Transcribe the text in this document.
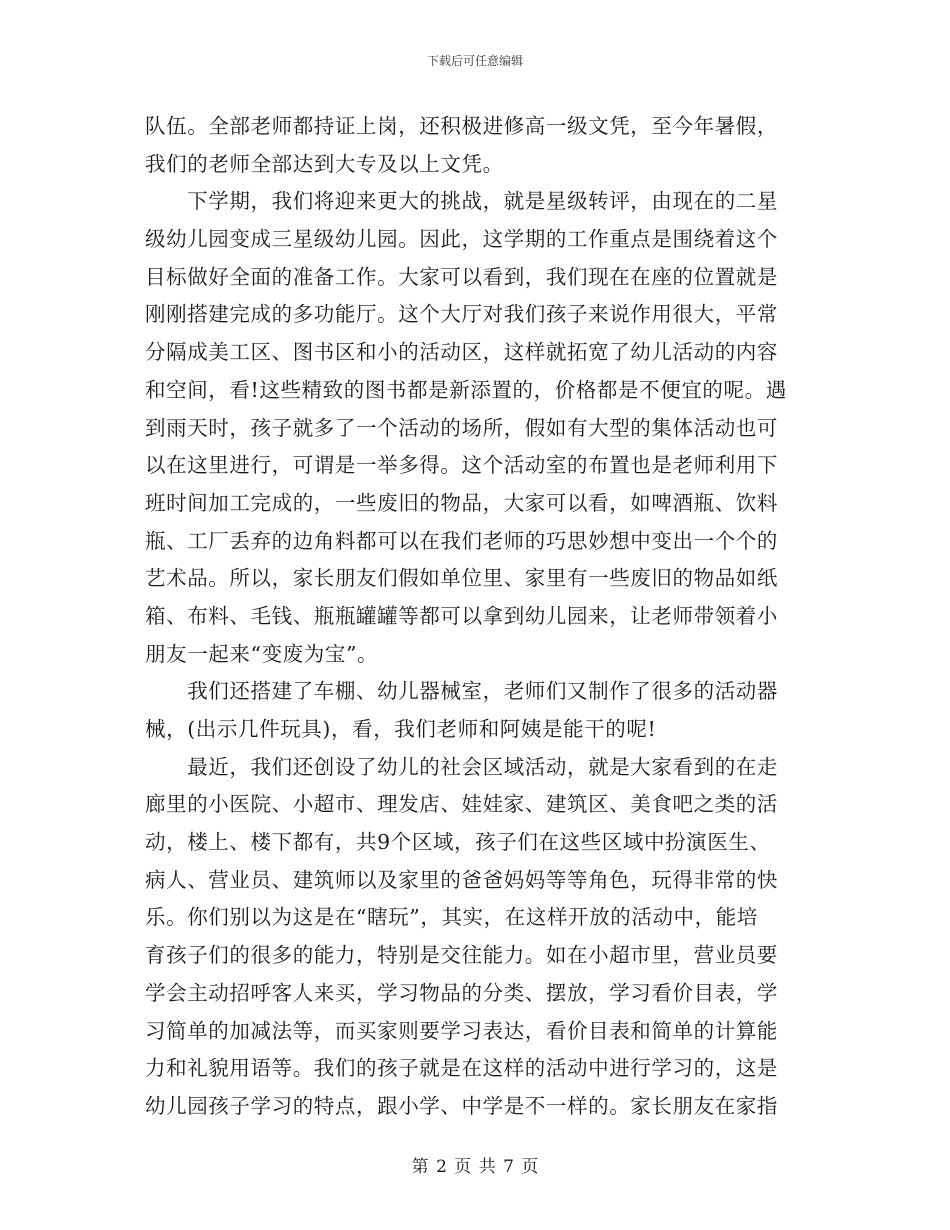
下载后可任意编辑
队伍。全部老师都持证上岗，还积极进修高一级文凭，至今年暑假，
我们的老师全部达到大专及以上文凭。
　　下学期，我们将迎来更大的挑战，就是星级转评，由现在的二星
级幼儿园变成三星级幼儿园。因此，这学期的工作重点是围绕着这个
目标做好全面的准备工作。大家可以看到，我们现在在座的位置就是
刚刚搭建完成的多功能厅。这个大厅对我们孩子来说作用很大，平常
分隔成美工区、图书区和小的活动区，这样就拓宽了幼儿活动的内容
和空间，看!这些精致的图书都是新添置的，价格都是不便宜的呢。遇
到雨天时，孩子就多了一个活动的场所，假如有大型的集体活动也可
以在这里进行，可谓是一举多得。这个活动室的布置也是老师利用下
班时间加工完成的，一些废旧的物品，大家可以看，如啤酒瓶、饮料
瓶、工厂丢弃的边角料都可以在我们老师的巧思妙想中变出一个个的
艺术品。所以，家长朋友们假如单位里、家里有一些废旧的物品如纸
箱、布料、毛钱、瓶瓶罐罐等都可以拿到幼儿园来，让老师带领着小
朋友一起来“变废为宝”。
　　我们还搭建了车棚、幼儿器械室，老师们又制作了很多的活动器
械，(出示几件玩具)，看，我们老师和阿姨是能干的呢!
　　最近，我们还创设了幼儿的社会区域活动，就是大家看到的在走
廊里的小医院、小超市、理发店、娃娃家、建筑区、美食吧之类的活
动，楼上、楼下都有，共9个区域，孩子们在这些区域中扮演医生、
病人、营业员、建筑师以及家里的爸爸妈妈等等角色，玩得非常的快
乐。你们别以为这是在“瞎玩”，其实，在这样开放的活动中，能培
育孩子们的很多的能力，特别是交往能力。如在小超市里，营业员要
学会主动招呼客人来买，学习物品的分类、摆放，学习看价目表，学
习简单的加减法等，而买家则要学习表达，看价目表和简单的计算能
力和礼貌用语等。我们的孩子就是在这样的活动中进行学习的，这是
幼儿园孩子学习的特点，跟小学、中学是不一样的。家长朋友在家指
第 2 页 共 7 页
